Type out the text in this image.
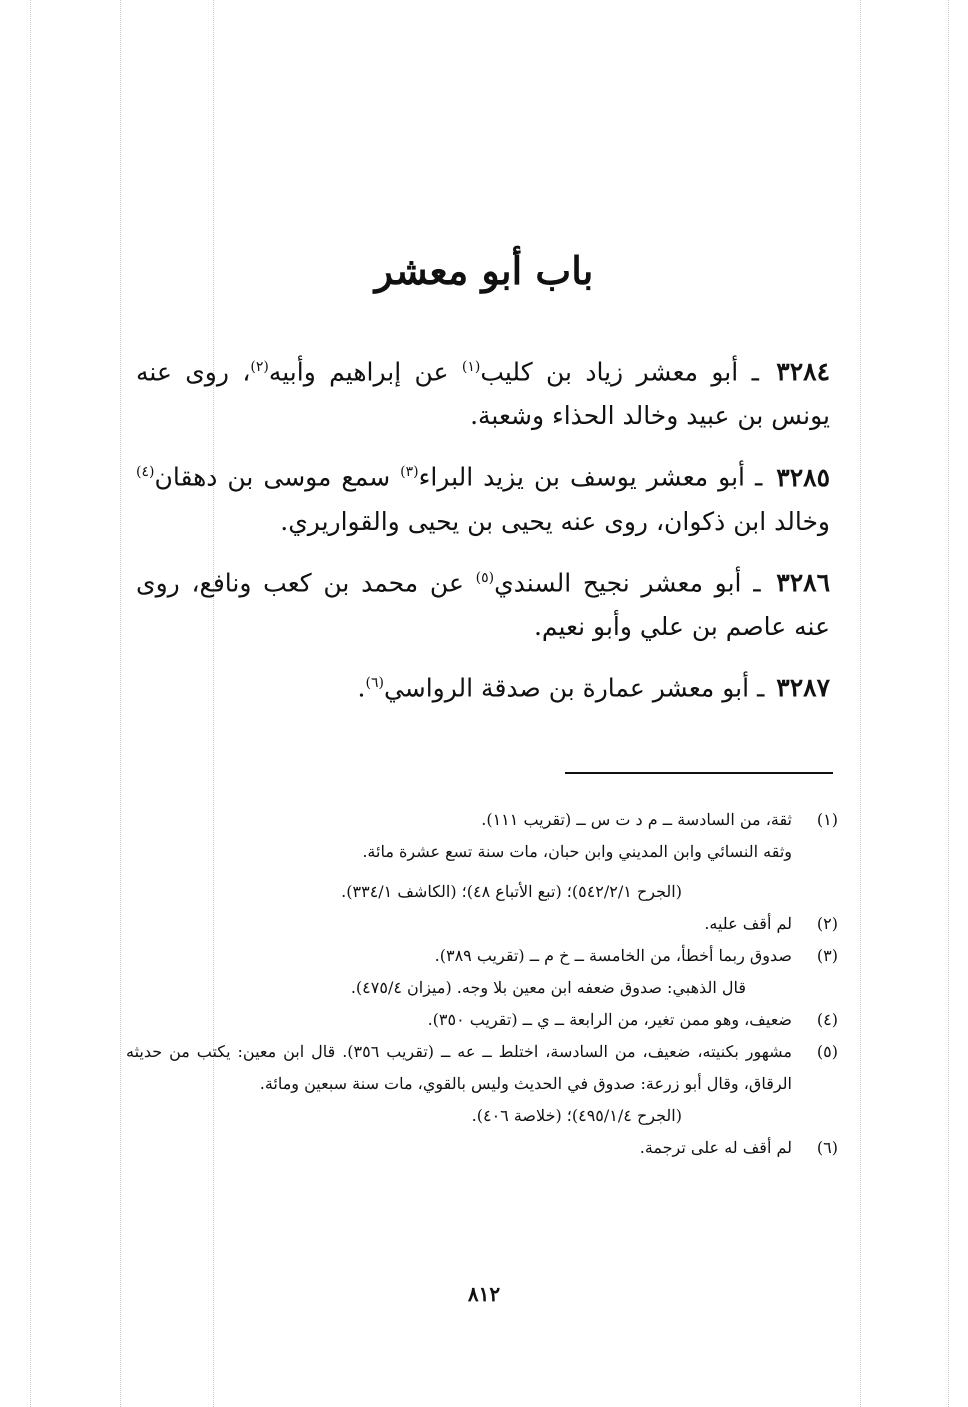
باب أبو معشر
٣٢٨٤ ـ أبو معشر زياد بن كليب$^{(١)}$ عن إبراهيم وأبيه$^{(٢)}$، روى عنه يونس بن عبيد وخالد الحذاء وشعبة.
٣٢٨٥ ـ أبو معشر يوسف بن يزيد البراء$^{(٣)}$ سمع موسى بن دهقان$^{(٤)}$ وخالد ابن ذكوان، روى عنه يحيى بن يحيى والقواريري.
٣٢٨٦ ـ أبو معشر نجيح السندي$^{(٥)}$ عن محمد بن كعب ونافع، روى عنه عاصم بن علي وأبو نعيم.
٣٢٨٧ ـ أبو معشر عمارة بن صدقة الرواسي$^{(٦)}$.
(١)
ثقة، من السادسة ــ م د ت س ــ (تقريب ١١١).
وثقه النسائي وابن المديني وابن حبان، مات سنة تسع عشرة مائة.
(الجرح ٥٤٢/٢/١)؛ (تبع الأتباع ٤٨)؛ (الكاشف ٣٣٤/١).
(٢)
لم أقف عليه.
(٣)
صدوق ربما أخطأ، من الخامسة ــ خ م ــ (تقريب ٣٨٩).
قال الذهبي: صدوق ضعفه ابن معين بلا وجه. (ميزان ٤٧٥/٤).
(٤)
ضعيف، وهو ممن تغير، من الرابعة ــ ي ــ (تقريب ٣٥٠).
(٥)
مشهور بكنيته، ضعيف، من السادسة، اختلط ــ عه ــ (تقريب ٣٥٦). قال ابن معين: يكتب من حديثه الرقاق، وقال أبو زرعة: صدوق في الحديث وليس بالقوي، مات سنة سبعين ومائة.
(الجرح ٤٩٥/١/٤)؛ (خلاصة ٤٠٦).
(٦)
لم أقف له على ترجمة.
٨١٢
